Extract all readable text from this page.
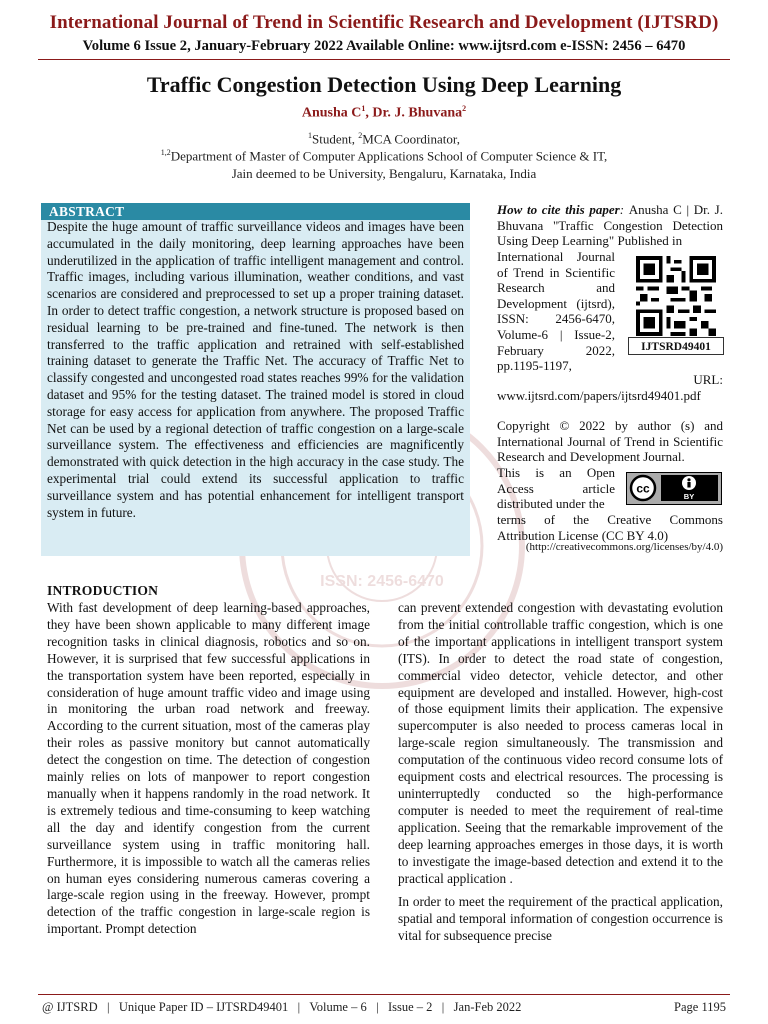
International Journal of Trend in Scientific Research and Development (IJTSRD)
Volume 6 Issue 2, January-February 2022 Available Online: www.ijtsrd.com e-ISSN: 2456 – 6470
Traffic Congestion Detection Using Deep Learning
Anusha $C^1$, Dr. J. Bhuvana$^2$
$^1$Student, $^2$MCA Coordinator,
$^{1,2}$Department of Master of Computer Applications School of Computer Science & IT,
Jain deemed to be University, Bengaluru, Karnataka, India
ISSN: 2456-6470
ABSTRACT
Despite the huge amount of traffic surveillance videos and images have been accumulated in the daily monitoring, deep learning approaches have been underutilized in the application of traffic intelligent management and control. Traffic images, including various illumination, weather conditions, and vast scenarios are considered and preprocessed to set up a proper training dataset. In order to detect traffic congestion, a network structure is proposed based on residual learning to be pre-trained and fine-tuned. The network is then transferred to the traffic application and retrained with self-established training dataset to generate the Traffic Net. The accuracy of Traffic Net to classify congested and uncongested road states reaches 99% for the validation dataset and 95% for the testing dataset. The trained model is stored in cloud storage for easy access for application from anywhere. The proposed Traffic Net can be used by a regional detection of traffic congestion on a large-scale surveillance system. The effectiveness and efficiencies are magnificently demonstrated with quick detection in the high accuracy in the case study. The experimental trial could extend its successful application to traffic surveillance system and has potential enhancement for intelligent transport system in future.
How to cite this paper: Anusha C | Dr. J. Bhuvana "Traffic Congestion Detection Using Deep Learning" Published in
International Journal of Trend in Scientific Research and Development (ijtsrd), ISSN: 2456-6470, Volume-6 | Issue-2, February 2022, pp.1195-1197,
URL:
www.ijtsrd.com/papers/ijtsrd49401.pdf
IJTSRD49401
Copyright © 2022 by author (s) and International Journal of Trend in Scientific Research and Development Journal.
This is an Open Access article distributed under the
terms of the Creative Commons Attribution License (CC BY 4.0)
(http://creativecommons.org/licenses/by/4.0)
cc
BY
INTRODUCTION

With fast development of deep learning-based approaches, they have been shown applicable to many different image recognition tasks in clinical diagnosis, robotics and so on. However, it is surprised that few successful applications in the transportation system have been reported, especially in consideration of huge amount traffic video and image using in monitoring the urban road network and freeway. According to the current situation, most of the cameras play their roles as passive monitory but cannot automatically detect the congestion on time. The detection of congestion mainly relies on lots of manpower to report congestion manually when it happens randomly in the road network. It is extremely tedious and time-consuming to keep watching all the day and identify congestion from the current surveillance system using in traffic monitoring hall. Furthermore, it is impossible to watch all the cameras relies on human eyes considering numerous cameras covering a large-scale region using in the freeway. However, prompt detection of the traffic congestion in large-scale region is important. Prompt detection

can prevent extended congestion with devastating evolution from the initial controllable traffic congestion, which is one of the important applications in intelligent transport system (ITS). In order to detect the road state of congestion, commercial video detector, vehicle detector, and other equipment are developed and installed. However, high-cost of those equipment limits their application. The expensive supercomputer is also needed to process cameras local in large-scale region simultaneously. The transmission and computation of the continuous video record consume lots of equipment costs and electrical resources. The processing is uninterruptedly conducted so the high-performance computer is needed to meet the requirement of real-time application. Seeing that the remarkable improvement of the deep learning approaches emerges in those days, it is worth to investigate the image-based detection and extend it to the practical application .

In order to meet the requirement of the practical application, spatial and temporal information of congestion occurrence is vital for subsequence precise

@ IJTSRD   |   Unique Paper ID – IJTSRD49401   |   Volume – 6   |   Issue – 2   |   Jan-Feb 2022	Page 1195
